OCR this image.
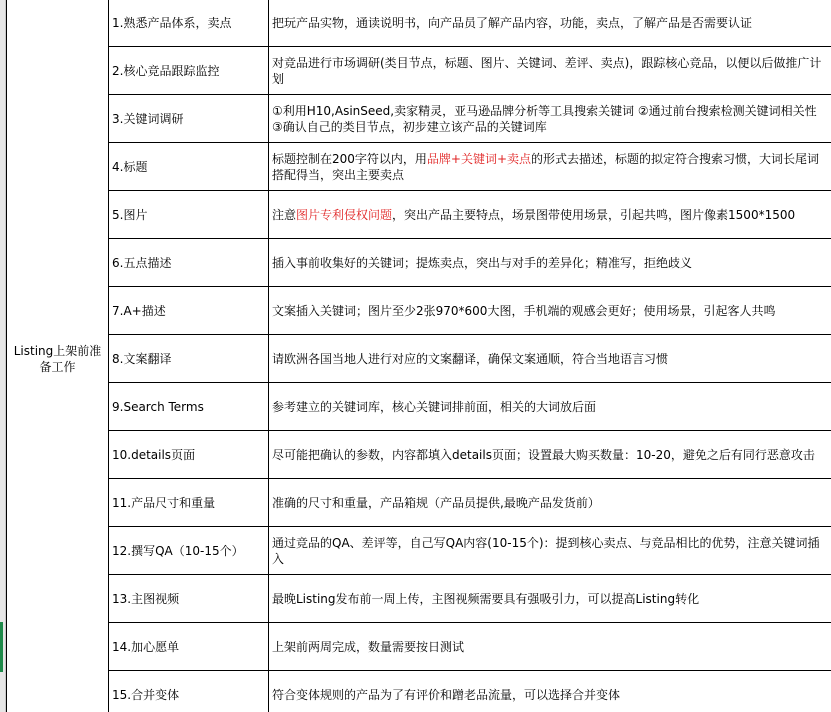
Listing上架前准备工作	1.熟悉产品体系，卖点	把玩产品实物，通读说明书，向产品员了解产品内容，功能，卖点，了解产品是否需要认证
	2.核心竞品跟踪监控	对竞品进行市场调研(类目节点，标题、图片、关键词、差评、卖点)，跟踪核心竞品，以便以后做推广计划
	3.关键词调研	①利用H10,AsinSeed,卖家精灵，亚马逊品牌分析等工具搜索关键词 ②通过前台搜索检测关键词相关性 ③确认自己的类目节点，初步建立该产品的关键词库
	4.标题	标题控制在200字符以内，用品牌+关键词+卖点的形式去描述，标题的拟定符合搜索习惯，大词长尾词搭配得当，突出主要卖点
	5.图片	注意图片专利侵权问题，突出产品主要特点，场景图带使用场景，引起共鸣，图片像素1500*1500
	6.五点描述	插入事前收集好的关键词；提炼卖点，突出与对手的差异化；精准写，拒绝歧义
	7.A+描述	文案插入关键词；图片至少2张970*600大图，手机端的观感会更好；使用场景，引起客人共鸣
	8.文案翻译	请欧洲各国当地人进行对应的文案翻译，确保文案通顺，符合当地语言习惯
	9.Search Terms	参考建立的关键词库，核心关键词排前面，相关的大词放后面
	10.details页面	尽可能把确认的参数，内容都填入details页面；设置最大购买数量：10-20，避免之后有同行恶意攻击
	11.产品尺寸和重量	准确的尺寸和重量，产品箱规（产品员提供,最晚产品发货前）
	12.撰写QA（10-15个）	通过竞品的QA、差评等，自己写QA内容(10-15个)：提到核心卖点、与竞品相比的优势，注意关键词插入
	13.主图视频	最晚Listing发布前一周上传，主图视频需要具有强吸引力，可以提高Listing转化
	14.加心愿单	上架前两周完成，数量需要按日测试
	15.合并变体	符合变体规则的产品为了有评价和蹭老品流量，可以选择合并变体
